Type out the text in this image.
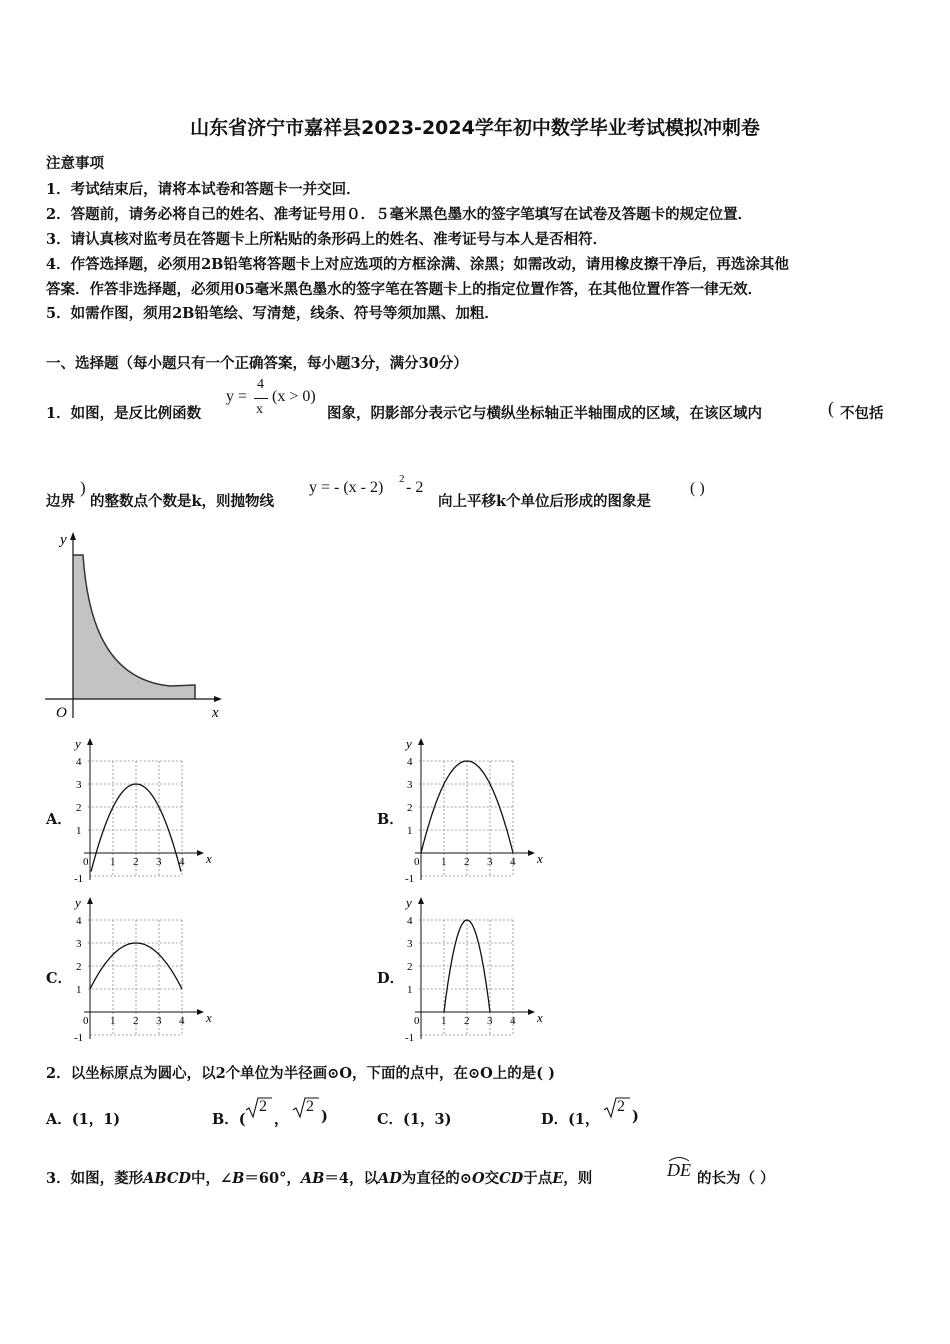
山东省济宁市嘉祥县2023-2024学年初中数学毕业考试模拟冲刺卷
注意事项
1．考试结束后，请将本试卷和答题卡一并交回．
2．答题前，请务必将自己的姓名、准考证号用０．５毫米黑色墨水的签字笔填写在试卷及答题卡的规定位置．
3．请认真核对监考员在答题卡上所粘贴的条形码上的姓名、准考证号与本人是否相符．
4．作答选择题，必须用2B铅笔将答题卡上对应选项的方框涂满、涂黑；如需改动，请用橡皮擦干净后，再选涂其他
答案．作答非选择题，必须用05毫米黑色墨水的签字笔在答题卡上的指定位置作答，在其他位置作答一律无效．
5．如需作图，须用2B铅笔绘、写清楚，线条、符号等须加黑、加粗．
一、选择题（每小题只有一个正确答案，每小题3分，满分30分）
1．如图，是反比例函数
y =
4
x
(x > 0)
图象，阴影部分表示它与横纵坐标轴正半轴围成的区域，在该区域内	( 不包括
边界
)
的整数点个数是k，则抛物线
y = - (x - 2) 2 - 2
向上平移k个单位后形成的图象是
( )
y
x
O
A．	B．
C．	D．
y
x
4
3
2
1
0 1 2 3 4
-1
y
x
4
3
2
1
0 1 2 3 4
-1
y
x
4
3
2
1
0 1 2 3 4
-1
y
x
4
3
2
1
0 1 2 3 4
-1
2．以坐标原点为圆心，以2个单位为半径画⊙O，下面的点中，在⊙O上的是( )
A．(1，1)	B．(
2
，
2
)	C．(1，3)	D．(1，
2
)
3．如图，菱形ABCD中，∠B＝60°，AB＝4，以AD为直径的⊙O交CD于点E，则	DE 的长为（ ）
